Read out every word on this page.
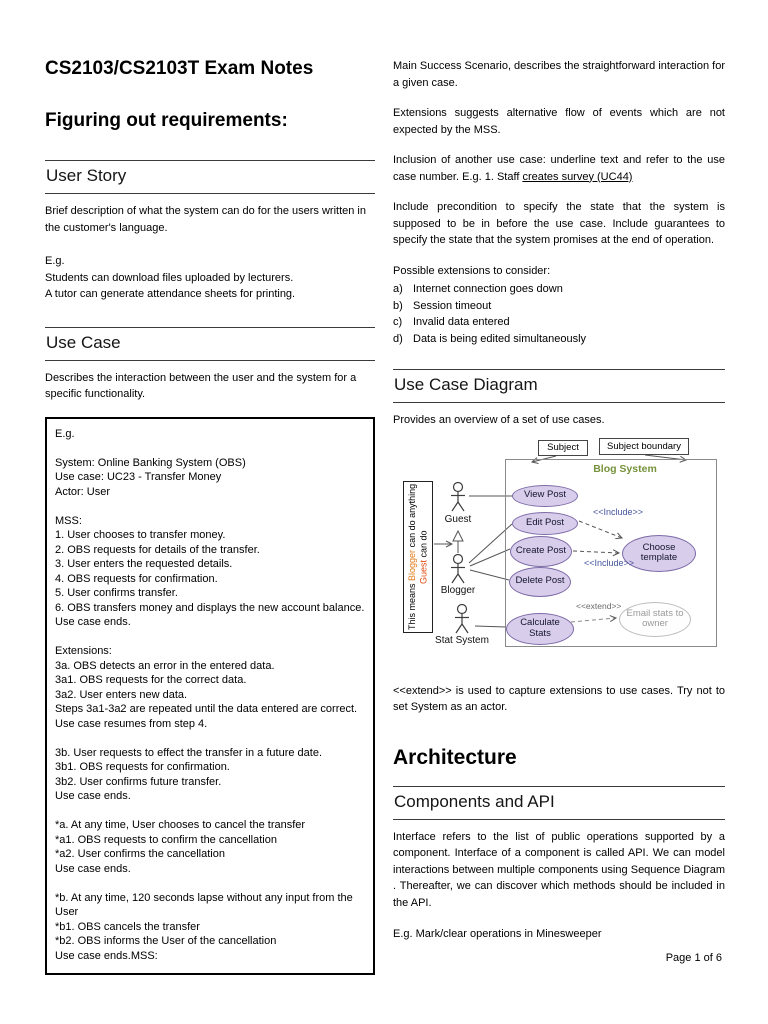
CS2103/CS2103T Exam Notes
Figuring out requirements:
User Story

Brief description of what the system can do for the users written in the customer's language.

E.g.
Students can download files uploaded by lecturers.
A tutor can generate attendance sheets for printing.
Use Case

Describes the interaction between the user and the system for a specific functionality.

E.g.
System: Online Banking System (OBS)
Use case: UC23 - Transfer Money
Actor: User
MSS:
1. User chooses to transfer money.
2. OBS requests for details of the transfer.
3. User enters the requested details.
4. OBS requests for confirmation.
5. User confirms transfer.
6. OBS transfers money and displays the new account balance.
Use case ends.
Extensions:
3a. OBS detects an error in the entered data.
3a1. OBS requests for the correct data.
3a2. User enters new data.
Steps 3a1-3a2 are repeated until the data entered are correct.
Use case resumes from step 4.
3b. User requests to effect the transfer in a future date.
3b1. OBS requests for confirmation.
3b2. User confirms future transfer.
Use case ends.
*a. At any time, User chooses to cancel the transfer
*a1. OBS requests to confirm the cancellation
*a2. User confirms the cancellation
Use case ends.
*b. At any time, 120 seconds lapse without any input from the User
*b1. OBS cancels the transfer
*b2. OBS informs the User of the cancellation
Use case ends.MSS:

Main Success Scenario, describes the straightforward interaction for a given case.

Extensions suggests alternative flow of events which are not expected by the MSS.

Inclusion of another use case: underline text and refer to the use case number. E.g. 1. Staff creates survey (UC44)

Include precondition to specify the state that the system is supposed to be in before the use case. Include guarantees to specify the state that the system promises at the end of operation.

Possible extensions to consider:
a) Internet connection goes down
b) Session timeout
c) Invalid data entered
d) Data is being edited simultaneously
Use Case Diagram

Provides an overview of a set of use cases.

Subject	Subject boundary
Blog System
View Post
Edit Post
Create Post
Delete Post
Calculate Stats
Choose template
Email stats to owner
Guest
Blogger
Stat System
<<Include>>
<<Include>>
<<extend>>
This means Blogger can do anything Guest can do

<<extend>> is used to capture extensions to use cases. Try not to set System as an actor.

Architecture
Components and API

Interface refers to the list of public operations supported by a component. Interface of a component is called API. We can model interactions between multiple components using Sequence Diagram . Thereafter, we can discover which methods should be included in the API.

E.g. Mark/clear operations in Minesweeper
Page 1 of 6
